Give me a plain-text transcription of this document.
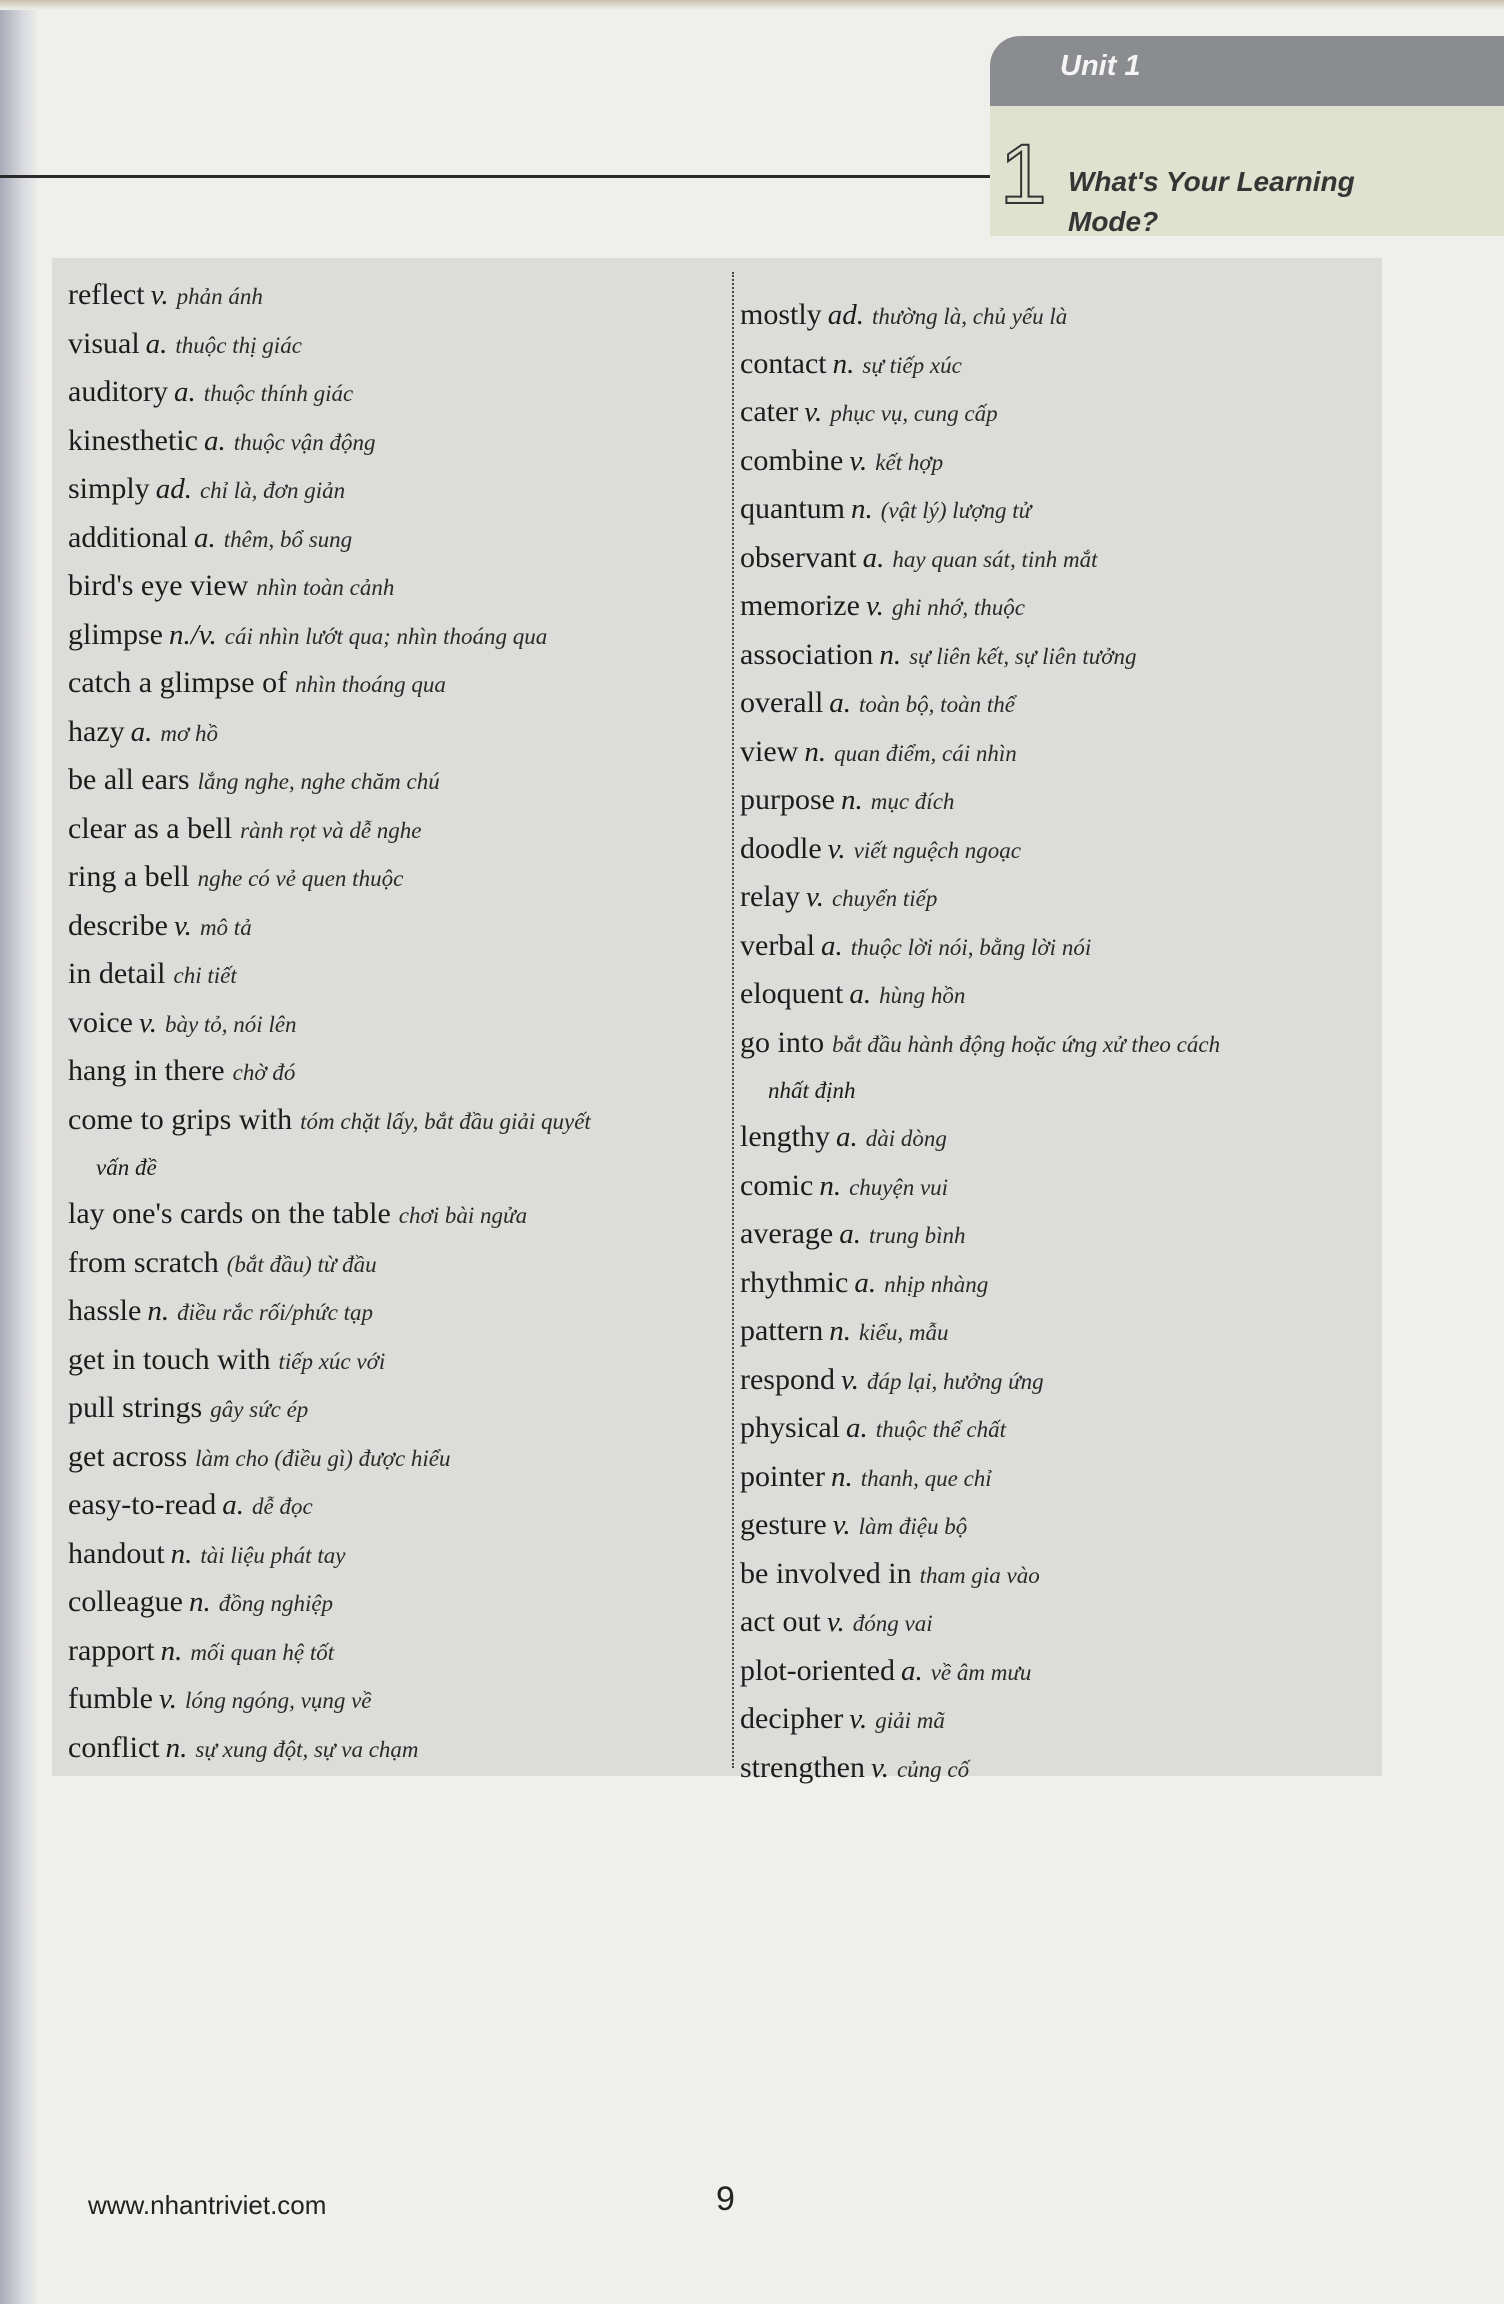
Unit 1
1 What's Your Learning Mode?
reflect v. phản ánh
visual a. thuộc thị giác
auditory a. thuộc thính giác
kinesthetic a. thuộc vận động
simply ad. chỉ là, đơn giản
additional a. thêm, bổ sung
bird's eye view nhìn toàn cảnh
glimpse n./v. cái nhìn lướt qua; nhìn thoáng qua
catch a glimpse of nhìn thoáng qua
hazy a. mơ hồ
be all ears lắng nghe, nghe chăm chú
clear as a bell rành rọt và dễ nghe
ring a bell nghe có vẻ quen thuộc
describe v. mô tả
in detail chi tiết
voice v. bày tỏ, nói lên
hang in there chờ đó
come to grips with tóm chặt lấy, bắt đầu giải quyết
vấn đề
lay one's cards on the table chơi bài ngửa
from scratch (bắt đầu) từ đầu
hassle n. điều rắc rối/phức tạp
get in touch with tiếp xúc với
pull strings gây sức ép
get across làm cho (điều gì) được hiểu
easy-to-read a. dễ đọc
handout n. tài liệu phát tay
colleague n. đồng nghiệp
rapport n. mối quan hệ tốt
fumble v. lóng ngóng, vụng về
conflict n. sự xung đột, sự va chạm
mostly ad. thường là, chủ yếu là
contact n. sự tiếp xúc
cater v. phục vụ, cung cấp
combine v. kết hợp
quantum n. (vật lý) lượng tử
observant a. hay quan sát, tinh mắt
memorize v. ghi nhớ, thuộc
association n. sự liên kết, sự liên tưởng
overall a. toàn bộ, toàn thể
view n. quan điểm, cái nhìn
purpose n. mục đích
doodle v. viết nguệch ngoạc
relay v. chuyển tiếp
verbal a. thuộc lời nói, bằng lời nói
eloquent a. hùng hồn
go into bắt đầu hành động hoặc ứng xử theo cách
nhất định
lengthy a. dài dòng
comic n. chuyện vui
average a. trung bình
rhythmic a. nhịp nhàng
pattern n. kiểu, mẫu
respond v. đáp lại, hưởng ứng
physical a. thuộc thể chất
pointer n. thanh, que chỉ
gesture v. làm điệu bộ
be involved in tham gia vào
act out v. đóng vai
plot-oriented a. về âm mưu
decipher v. giải mã
strengthen v. củng cố
www.nhantriviet.com	9
